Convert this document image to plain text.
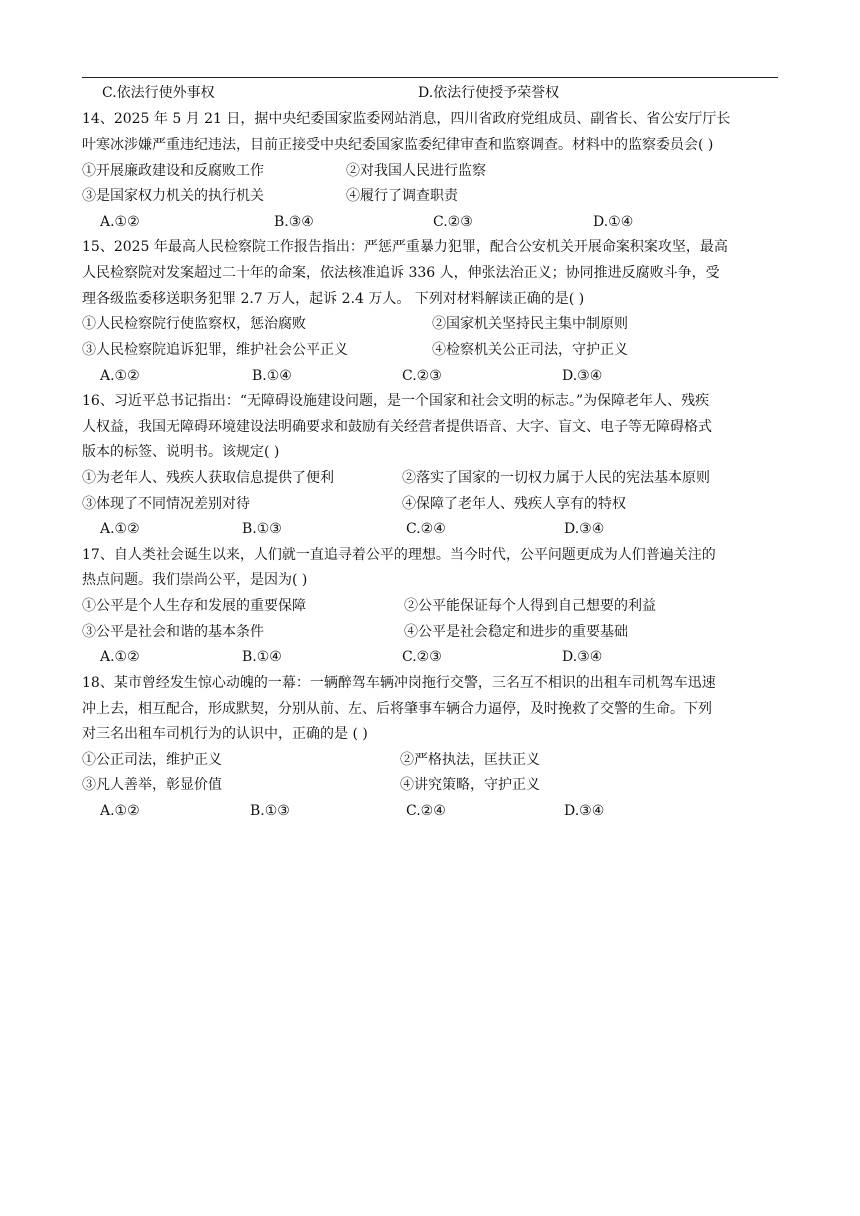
C.依法行使外事权	D.依法行使授予荣誉权
14、2025 年 5 月 21 日，据中央纪委国家监委网站消息，四川省政府党组成员、副省长、省公安厅厅长
叶寒冰涉嫌严重违纪违法，目前正接受中央纪委国家监委纪律审查和监察调查。材料中的监察委员会( )
①开展廉政建设和反腐败工作	②对我国人民进行监察
③是国家权力机关的执行机关	④履行了调查职责
A.①②	B.③④	C.②③	D.①④
15、2025 年最高人民检察院工作报告指出：严惩严重暴力犯罪，配合公安机关开展命案积案攻坚，最高
人民检察院对发案超过二十年的命案，依法核准追诉 336 人，伸张法治正义；协同推进反腐败斗争，受
理各级监委移送职务犯罪 2.7 万人，起诉 2.4 万人。 下列对材料解读正确的是( )
①人民检察院行使监察权，惩治腐败	②国家机关坚持民主集中制原则
③人民检察院追诉犯罪，维护社会公平正义	④检察机关公正司法，守护正义
A.①②	B.①④	C.②③	D.③④
16、习近平总书记指出：“无障碍设施建设问题，是一个国家和社会文明的标志。”为保障老年人、残疾
人权益，我国无障碍环境建设法明确要求和鼓励有关经营者提供语音、大字、盲文、电子等无障碍格式
版本的标签、说明书。该规定( )
①为老年人、残疾人获取信息提供了便利	②落实了国家的一切权力属于人民的宪法基本原则
③体现了不同情况差别对待	④保障了老年人、残疾人享有的特权
A.①②	B.①③	C.②④	D.③④
17、自人类社会诞生以来，人们就一直追寻着公平的理想。当今时代，公平问题更成为人们普遍关注的
热点问题。我们崇尚公平，是因为( )
①公平是个人生存和发展的重要保障	②公平能保证每个人得到自己想要的利益
③公平是社会和谐的基本条件	④公平是社会稳定和进步的重要基础
A.①②	B.①④	C.②③	D.③④
18、某市曾经发生惊心动魄的一幕：一辆醉驾车辆冲岗拖行交警，三名互不相识的出租车司机驾车迅速
冲上去，相互配合，形成默契，分别从前、左、后将肇事车辆合力逼停，及时挽救了交警的生命。下列
对三名出租车司机行为的认识中，正确的是 ( )
①公正司法，维护正义	②严格执法，匡扶正义
③凡人善举，彰显价值	④讲究策略，守护正义
A.①②	B.①③	C.②④	D.③④
